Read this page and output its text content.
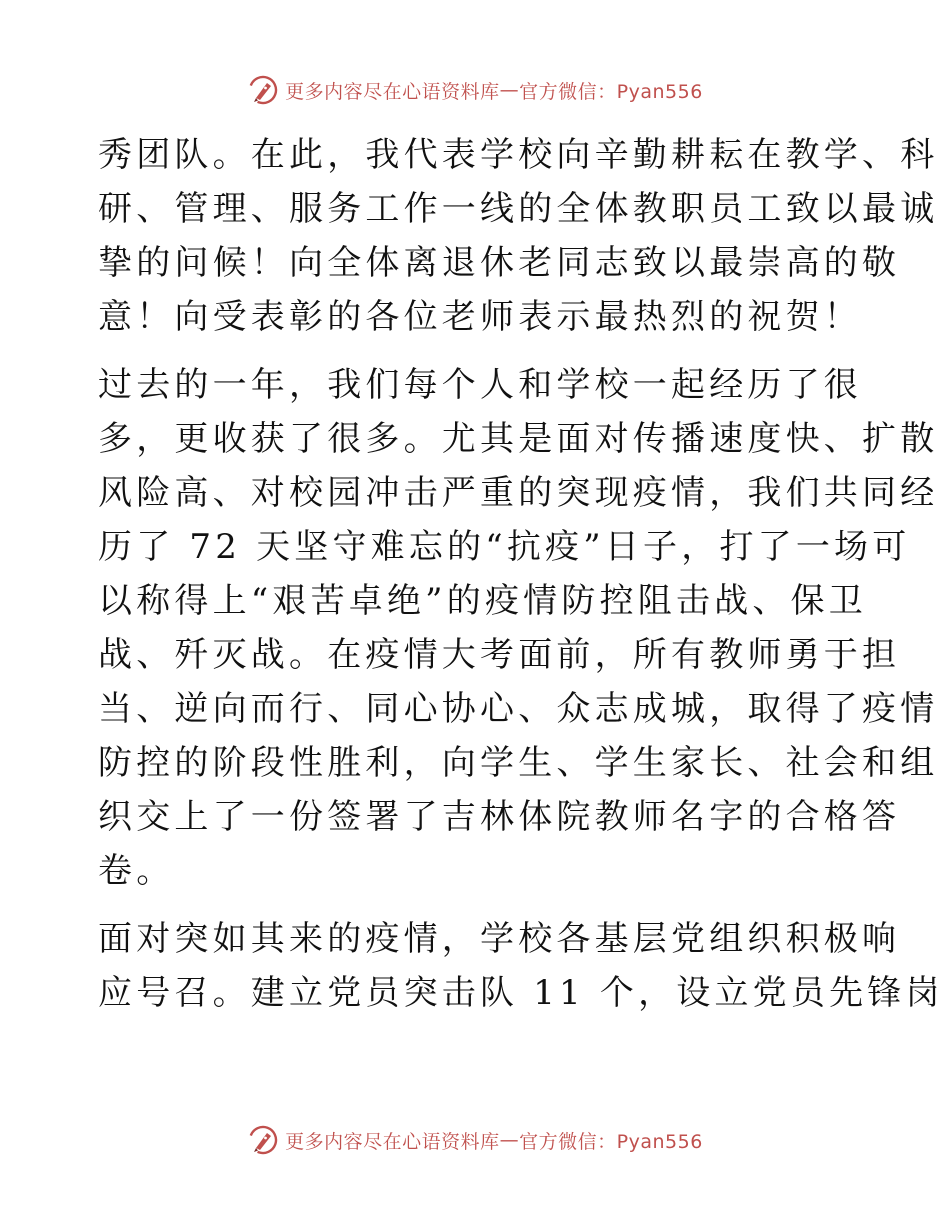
更多内容尽在心语资料库 — 官方微信：Pyan556

秀团队。在此，我代表学校向辛勤耕耘在教学、科
研、管理、服务工作一线的全体教职员工致以最诚
挚的问候！向全体离退休老同志致以最崇高的敬
意！向受表彰的各位老师表示最热烈的祝贺！

过去的一年，我们每个人和学校一起经历了很
多，更收获了很多。尤其是面对传播速度快、扩散
风险高、对校园冲击严重的突现疫情，我们共同经
历了 72 天坚守难忘的“抗疫”日子，打了一场可
以称得上“艰苦卓绝”的疫情防控阻击战、保卫
战、歼灭战。在疫情大考面前，所有教师勇于担
当、逆向而行、同心协心、众志成城，取得了疫情
防控的阶段性胜利，向学生、学生家长、社会和组
织交上了一份签署了吉林体院教师名字的合格答
卷。

面对突如其来的疫情，学校各基层党组织积极响
应号召。建立党员突击队 11 个，设立党员先锋岗

更多内容尽在心语资料库 — 官方微信：Pyan556
